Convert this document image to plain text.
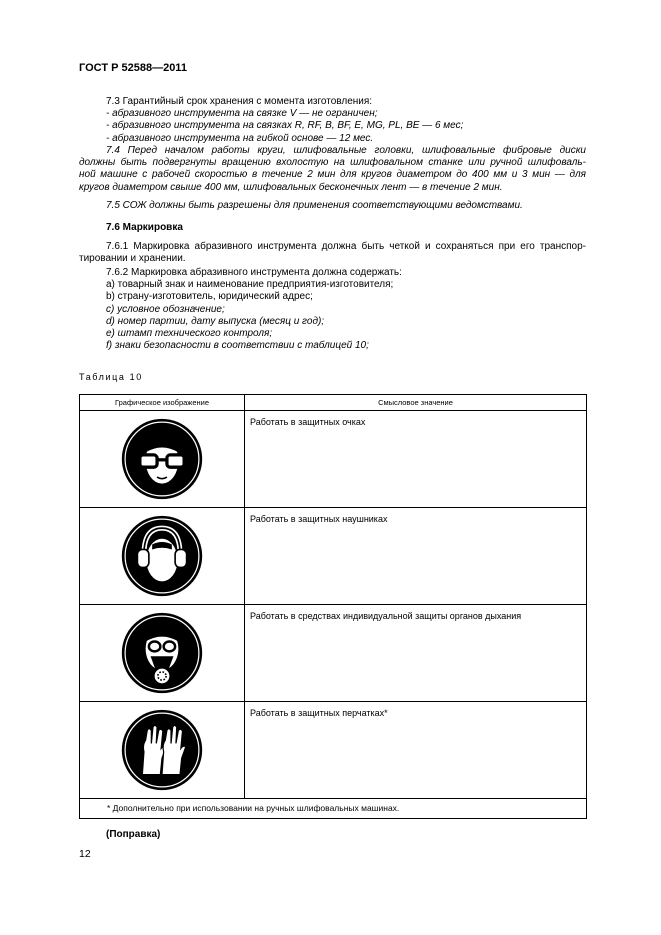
ГОСТ Р 52588—2011
7.3 Гарантийный срок хранения с момента изготовления:
- абразивного инструмента на связке V — не ограничен;
- абразивного инструмента на связках R, RF, B, BF, E, MG, PL, BE — 6 мес;
- абразивного инструмента на гибкой основе — 12 мес.
7.4 Перед началом работы круги, шлифовальные головки, шлифовальные фибровые диски
должны быть подвергнуты вращению вхолостую на шлифовальном станке или ручной шлифоваль-
ной машине с рабочей скоростью в течение 2 мин для кругов диаметром до 400 мм и 3 мин — для
кругов диаметром свыше 400 мм, шлифовальных бесконечных лент — в течение 2 мин.
7.5 СОЖ должны быть разрешены для применения соответствующими ведомствами.
7.6 Маркировка
7.6.1 Маркировка абразивного инструмента должна быть четкой и сохраняться при его транспор-
тировании и хранении.
7.6.2 Маркировка абразивного инструмента должна содержать:
a) товарный знак и наименование предприятия-изготовителя;
b) страну-изготовитель, юридический адрес;
c) условное обозначение;
d) номер партии, дату выпуска (месяц и год);
e) штамп технического контроля;
f) знаки безопасности в соответствии с таблицей 10;
Таблица 10
Графическое изображение	Смысловое значение

	Работать в защитных очках

	Работать в защитных наушниках

	Работать в средствах индивидуальной защиты органов дыхания

	Работать в защитных перчатках*
* Дополнительно при использовании на ручных шлифовальных машинах.	
(Поправка)
12
